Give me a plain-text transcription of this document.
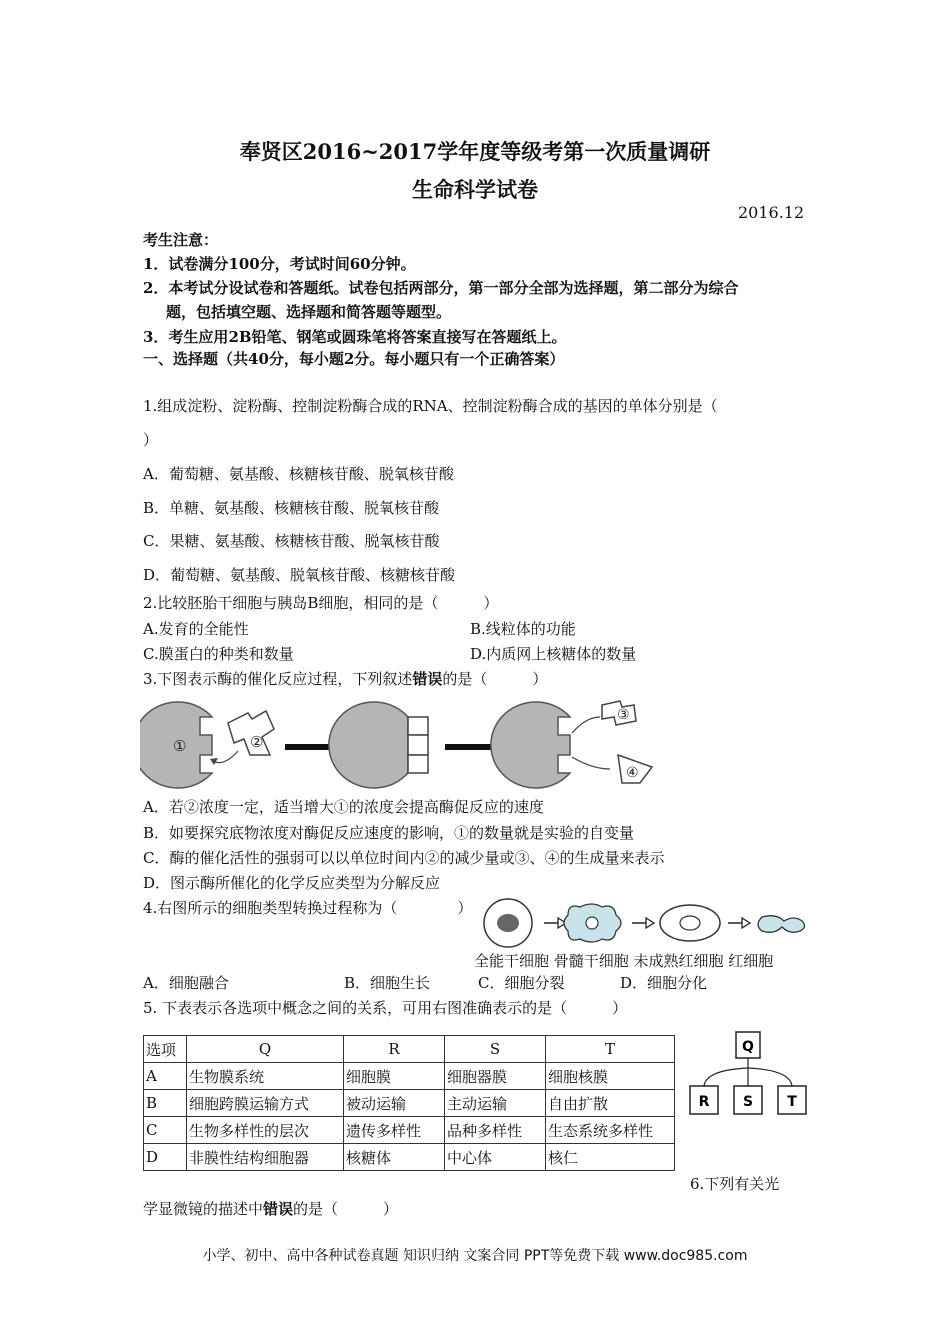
奉贤区2016~2017学年度等级考第一次质量调研
生命科学试卷
2016.12
考生注意：
1．试卷满分100分，考试时间60分钟。
2．本考试分设试卷和答题纸。试卷包括两部分，第一部分全部为选择题，第二部分为综合
题，包括填空题、选择题和简答题等题型。
3．考生应用2B铅笔、钢笔或圆珠笔将答案直接写在答题纸上。
一、选择题（共40分，每小题2分。每小题只有一个正确答案）
1.组成淀粉、淀粉酶、控制淀粉酶合成的RNA、控制淀粉酶合成的基因的单体分别是（
）
A．葡萄糖、氨基酸、核糖核苷酸、脱氧核苷酸
B．单糖、氨基酸、核糖核苷酸、脱氧核苷酸
C．果糖、氨基酸、核糖核苷酸、脱氧核苷酸
D．葡萄糖、氨基酸、脱氧核苷酸、核糖核苷酸
2.比较胚胎干细胞与胰岛B细胞，相同的是（　　　）
A.发育的全能性	B.线粒体的功能
C.膜蛋白的种类和数量	D.内质网上核糖体的数量
3.下图表示酶的催化反应过程，下列叙述错误的是（　　　）
①	②
③
④
A．若②浓度一定，适当增大①的浓度会提高酶促反应的速度
B．如要探究底物浓度对酶促反应速度的影响，①的数量就是实验的自变量
C．酶的催化活性的强弱可以以单位时间内②的减少量或③、④的生成量来表示
D．图示酶所催化的化学反应类型为分解反应
4.右图所示的细胞类型转换过程称为（　　　　）
全能干细胞 骨髓干细胞 未成熟红细胞 红细胞
A．细胞融合	B．细胞生长	C．细胞分裂	D．细胞分化
5. 下表表示各选项中概念之间的关系，可用右图准确表示的是（　　　）
选项	Q	R	S	T
A	生物膜系统	细胞膜	细胞器膜	细胞核膜
B	细胞跨膜运输方式	被动运输	主动运输	自由扩散
C	生物多样性的层次	遗传多样性	品种多样性	生态系统多样性
D	非膜性结构细胞器	核糖体	中心体	核仁
Q
R S T
6.下列有关光
学显微镜的描述中错误的是（　　　）
小学、初中、高中各种试卷真题 知识归纳 文案合同 PPT等免费下载 www.doc985.com
